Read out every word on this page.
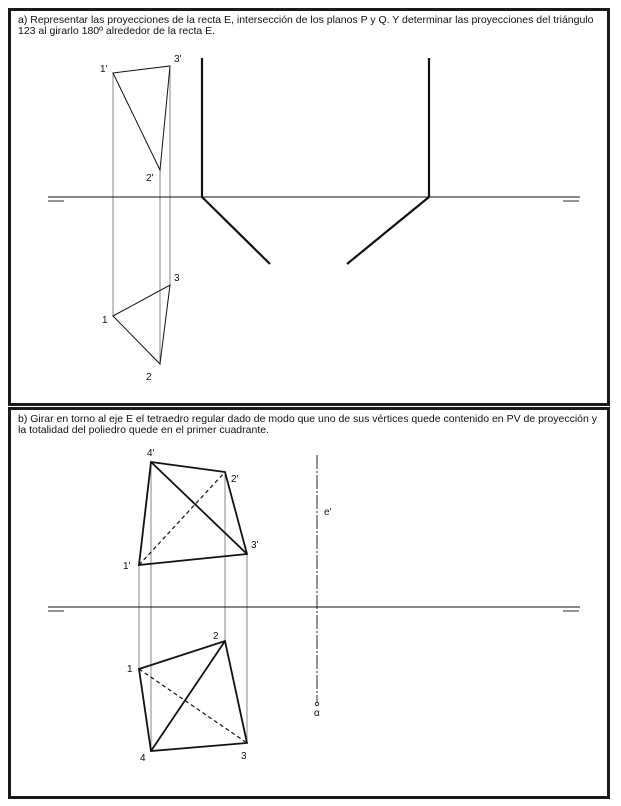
a) Representar las proyecciones de la recta E, intersección de los planos P y Q. Y determinar las proyecciones del triángulo 123 al girarlo 180º alrededor de la recta E.
b) Girar en torno al eje E el tetraedro regular dado de modo que uno de sus vértices quede contenido en PV de proyección y la totalidad del poliedro quede en el primer cuadrante.
1'
3'
2'
3
1
2
4'
2'
3'
1'
e'
2
1
4	3
α
